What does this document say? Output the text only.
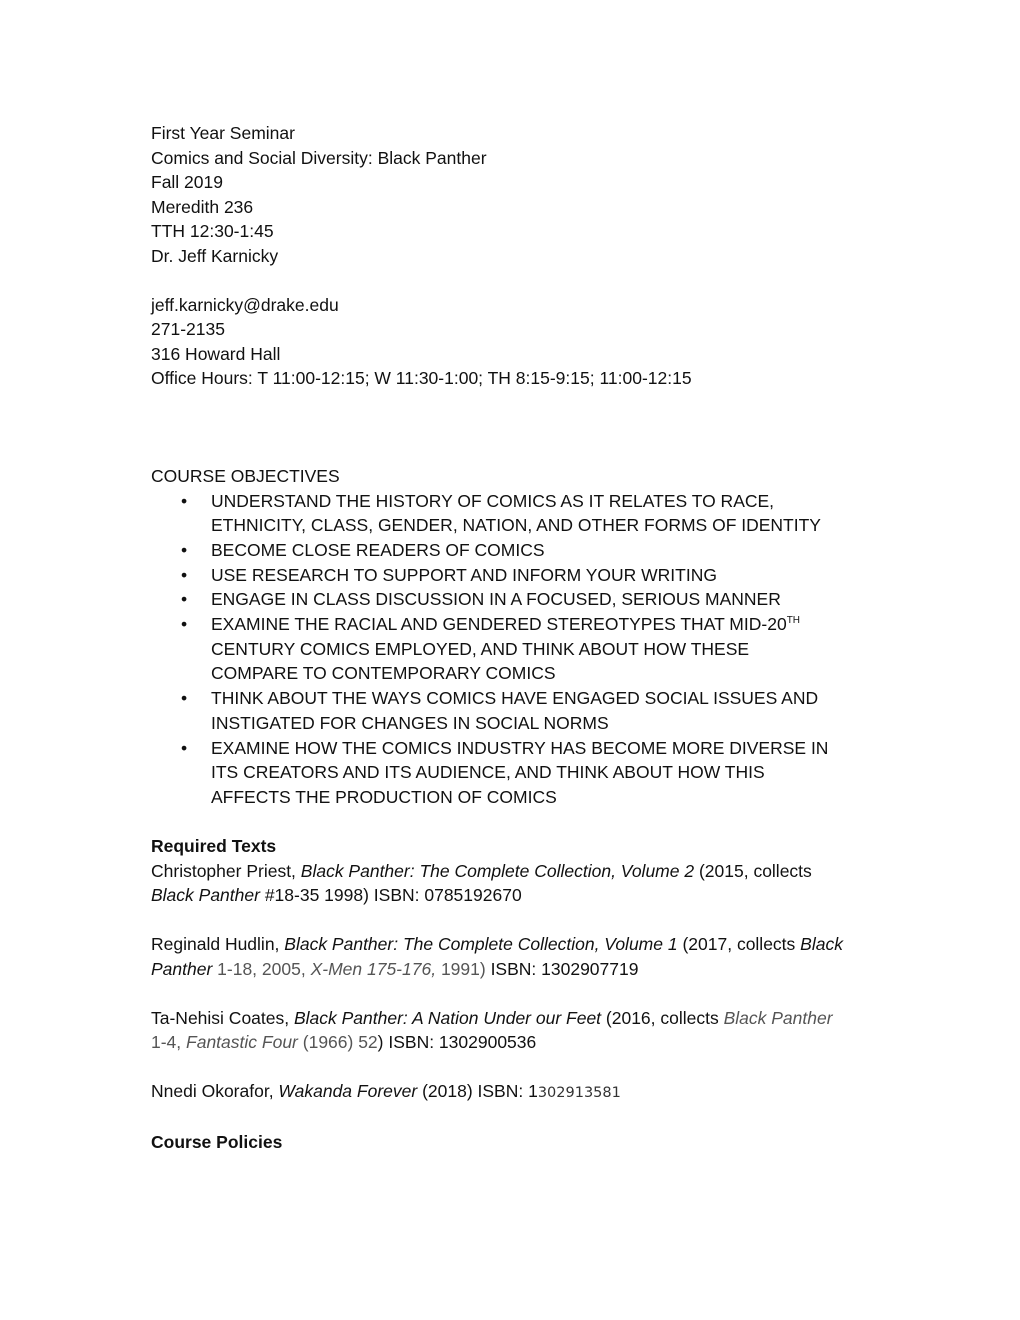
First Year Seminar
Comics and Social Diversity: Black Panther
Fall 2019
Meredith 236
TTH 12:30-1:45
Dr. Jeff Karnicky
jeff.karnicky@drake.edu
271-2135
316 Howard Hall
Office Hours: T 11:00-12:15; W 11:30-1:00; TH 8:15-9:15; 11:00-12:15
COURSE OBJECTIVES
• UNDERSTAND THE HISTORY OF COMICS AS IT RELATES TO RACE, ETHNICITY, CLASS, GENDER, NATION, AND OTHER FORMS OF IDENTITY
• BECOME CLOSE READERS OF COMICS
• USE RESEARCH TO SUPPORT AND INFORM YOUR WRITING
• ENGAGE IN CLASS DISCUSSION IN A FOCUSED, SERIOUS MANNER
• EXAMINE THE RACIAL AND GENDERED STEREOTYPES THAT MID-20TH CENTURY COMICS EMPLOYED, AND THINK ABOUT HOW THESE COMPARE TO CONTEMPORARY COMICS
• THINK ABOUT THE WAYS COMICS HAVE ENGAGED SOCIAL ISSUES AND INSTIGATED FOR CHANGES IN SOCIAL NORMS
• EXAMINE HOW THE COMICS INDUSTRY HAS BECOME MORE DIVERSE IN ITS CREATORS AND ITS AUDIENCE, AND THINK ABOUT HOW THIS AFFECTS THE PRODUCTION OF COMICS
Required Texts

Christopher Priest, Black Panther: The Complete Collection, Volume 2 (2015, collects Black Panther #18-35 1998) ISBN: 0785192670

Reginald Hudlin, Black Panther: The Complete Collection, Volume 1 (2017, collects Black Panther 1-18, 2005, X-Men 175-176, 1991) ISBN: 1302907719

Ta-Nehisi Coates, Black Panther: A Nation Under our Feet (2016, collects Black Panther 1-4, Fantastic Four (1966) 52) ISBN: 1302900536

Nnedi Okorafor, Wakanda Forever (2018) ISBN: 1302913581

Course Policies
